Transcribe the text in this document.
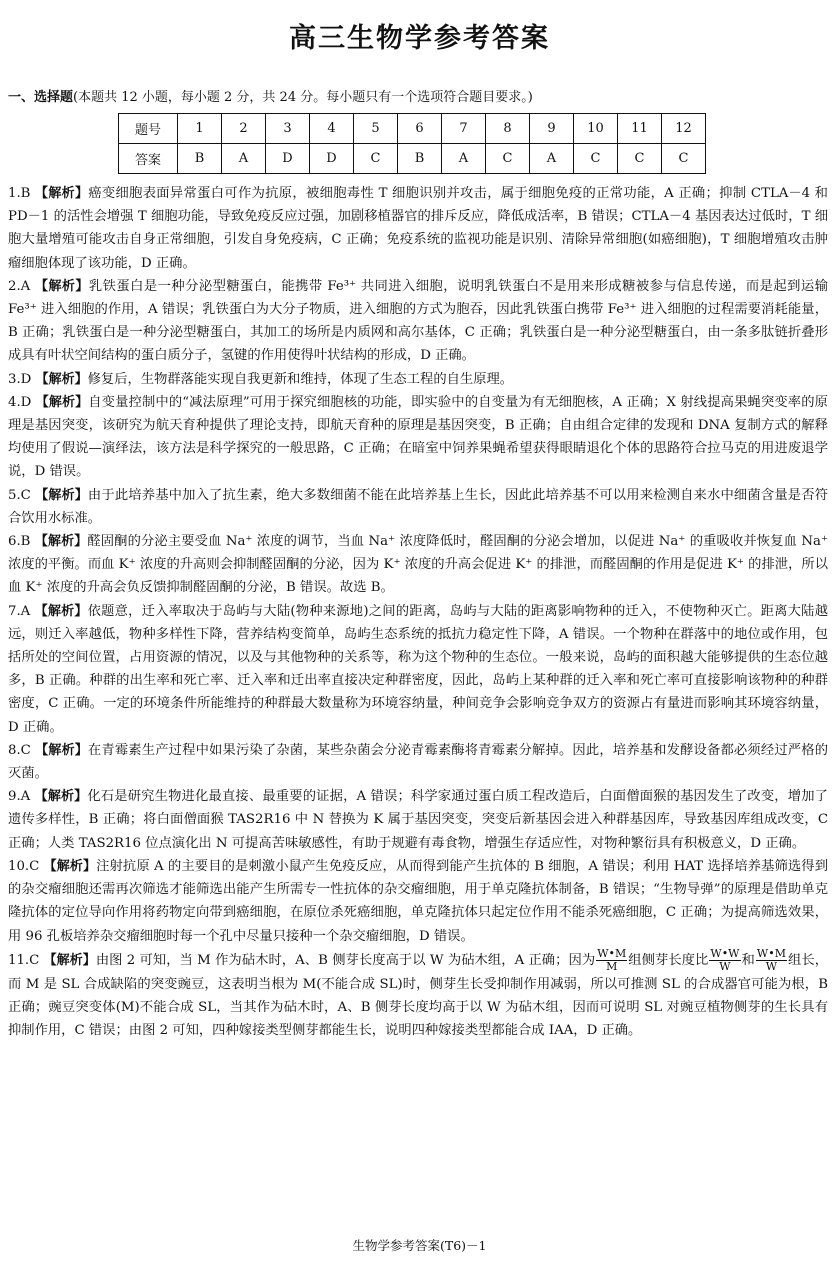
高三生物学参考答案
一、选择题(本题共 12 小题，每小题 2 分，共 24 分。每小题只有一个选项符合题目要求。)
题号	1	2	3	4	5	6	7	8	9	10	11	12
答案	B	A	D	D	C	B	A	C	A	C	C	C

1.B 【解析】癌变细胞表面异常蛋白可作为抗原，被细胞毒性 T 细胞识别并攻击，属于细胞免疫的正常功能，A 正确；抑制 CTLA－4 和 PD－1 的活性会增强 T 细胞功能，导致免疫反应过强，加剧移植器官的排斥反应，降低成活率，B 错误；CTLA－4 基因表达过低时，T 细胞大量增殖可能攻击自身正常细胞，引发自身免疫病，C 正确；免疫系统的监视功能是识别、清除异常细胞(如癌细胞)，T 细胞增殖攻击肿瘤细胞体现了该功能，D 正确。

2.A 【解析】乳铁蛋白是一种分泌型糖蛋白，能携带 Fe³⁺ 共同进入细胞，说明乳铁蛋白不是用来形成糖被参与信息传递，而是起到运输 Fe³⁺ 进入细胞的作用，A 错误；乳铁蛋白为大分子物质，进入细胞的方式为胞吞，因此乳铁蛋白携带 Fe³⁺ 进入细胞的过程需要消耗能量，B 正确；乳铁蛋白是一种分泌型糖蛋白，其加工的场所是内质网和高尔基体，C 正确；乳铁蛋白是一种分泌型糖蛋白，由一条多肽链折叠形成具有叶状空间结构的蛋白质分子，氢键的作用使得叶状结构的形成，D 正确。

3.D 【解析】修复后，生物群落能实现自我更新和维持，体现了生态工程的自生原理。

4.D 【解析】自变量控制中的“减法原理”可用于探究细胞核的功能，即实验中的自变量为有无细胞核，A 正确；X 射线提高果蝇突变率的原理是基因突变，该研究为航天育种提供了理论支持，即航天育种的原理是基因突变，B 正确；自由组合定律的发现和 DNA 复制方式的解释均使用了假说—演绎法，该方法是科学探究的一般思路，C 正确；在暗室中饲养果蝇希望获得眼睛退化个体的思路符合拉马克的用进废退学说，D 错误。

5.C 【解析】由于此培养基中加入了抗生素，绝大多数细菌不能在此培养基上生长，因此此培养基不可以用来检测自来水中细菌含量是否符合饮用水标准。

6.B 【解析】醛固酮的分泌主要受血 Na⁺ 浓度的调节，当血 Na⁺ 浓度降低时，醛固酮的分泌会增加，以促进 Na⁺ 的重吸收并恢复血 Na⁺ 浓度的平衡。而血 K⁺ 浓度的升高则会抑制醛固酮的分泌，因为 K⁺ 浓度的升高会促进 K⁺ 的排泄，而醛固酮的作用是促进 K⁺ 的排泄，所以血 K⁺ 浓度的升高会负反馈抑制醛固酮的分泌，B 错误。故选 B。

7.A 【解析】依题意，迁入率取决于岛屿与大陆(物种来源地)之间的距离，岛屿与大陆的距离影响物种的迁入，不使物种灭亡。距离大陆越远，则迁入率越低，物种多样性下降，营养结构变简单，岛屿生态系统的抵抗力稳定性下降，A 错误。一个物种在群落中的地位或作用，包括所处的空间位置，占用资源的情况，以及与其他物种的关系等，称为这个物种的生态位。一般来说，岛屿的面积越大能够提供的生态位越多，B 正确。种群的出生率和死亡率、迁入率和迁出率直接决定种群密度，因此，岛屿上某种群的迁入率和死亡率可直接影响该物种的种群密度，C 正确。一定的环境条件所能维持的种群最大数量称为环境容纳量，种间竞争会影响竞争双方的资源占有量进而影响其环境容纳量，D 正确。

8.C 【解析】在青霉素生产过程中如果污染了杂菌，某些杂菌会分泌青霉素酶将青霉素分解掉。因此，培养基和发酵设备都必须经过严格的灭菌。

9.A 【解析】化石是研究生物进化最直接、最重要的证据，A 错误；科学家通过蛋白质工程改造后，白面僧面猴的基因发生了改变，增加了遗传多样性，B 正确；将白面僧面猴 TAS2R16 中 N 替换为 K 属于基因突变，突变后新基因会进入种群基因库，导致基因库组成改变，C 正确；人类 TAS2R16 位点演化出 N 可提高苦味敏感性，有助于规避有毒食物，增强生存适应性，对物种繁衍具有积极意义，D 正确。

10.C 【解析】注射抗原 A 的主要目的是刺激小鼠产生免疫反应，从而得到能产生抗体的 B 细胞，A 错误；利用 HAT 选择培养基筛选得到的杂交瘤细胞还需再次筛选才能筛选出能产生所需专一性抗体的杂交瘤细胞，用于单克隆抗体制备，B 错误；“生物导弹”的原理是借助单克隆抗体的定位导向作用将药物定向带到癌细胞，在原位杀死癌细胞，单克隆抗体只起定位作用不能杀死癌细胞，C 正确；为提高筛选效果，用 96 孔板培养杂交瘤细胞时每一个孔中尽量只接种一个杂交瘤细胞，D 错误。

11.C 【解析】由图 2 可知，当 M 作为砧木时，A、B 侧芽长度高于以 W 为砧木组，A 正确；因为 $\frac{W•M}{M}$ 组侧芽长度比 $\frac{W•W}{W}$ 和 $\frac{W•M}{W}$ 组长，而 M 是 SL 合成缺陷的突变豌豆，这表明当根为 M(不能合成 SL)时，侧芽生长受抑制作用减弱，所以可推测 SL 的合成器官可能为根，B 正确；豌豆突变体(M)不能合成 SL，当其作为砧木时，A、B 侧芽长度均高于以 W 为砧木组，因而可说明 SL 对豌豆植物侧芽的生长具有抑制作用，C 错误；由图 2 可知，四种嫁接类型侧芽都能生长，说明四种嫁接类型都能合成 IAA，D 正确。

生物学参考答案(T6)－1
